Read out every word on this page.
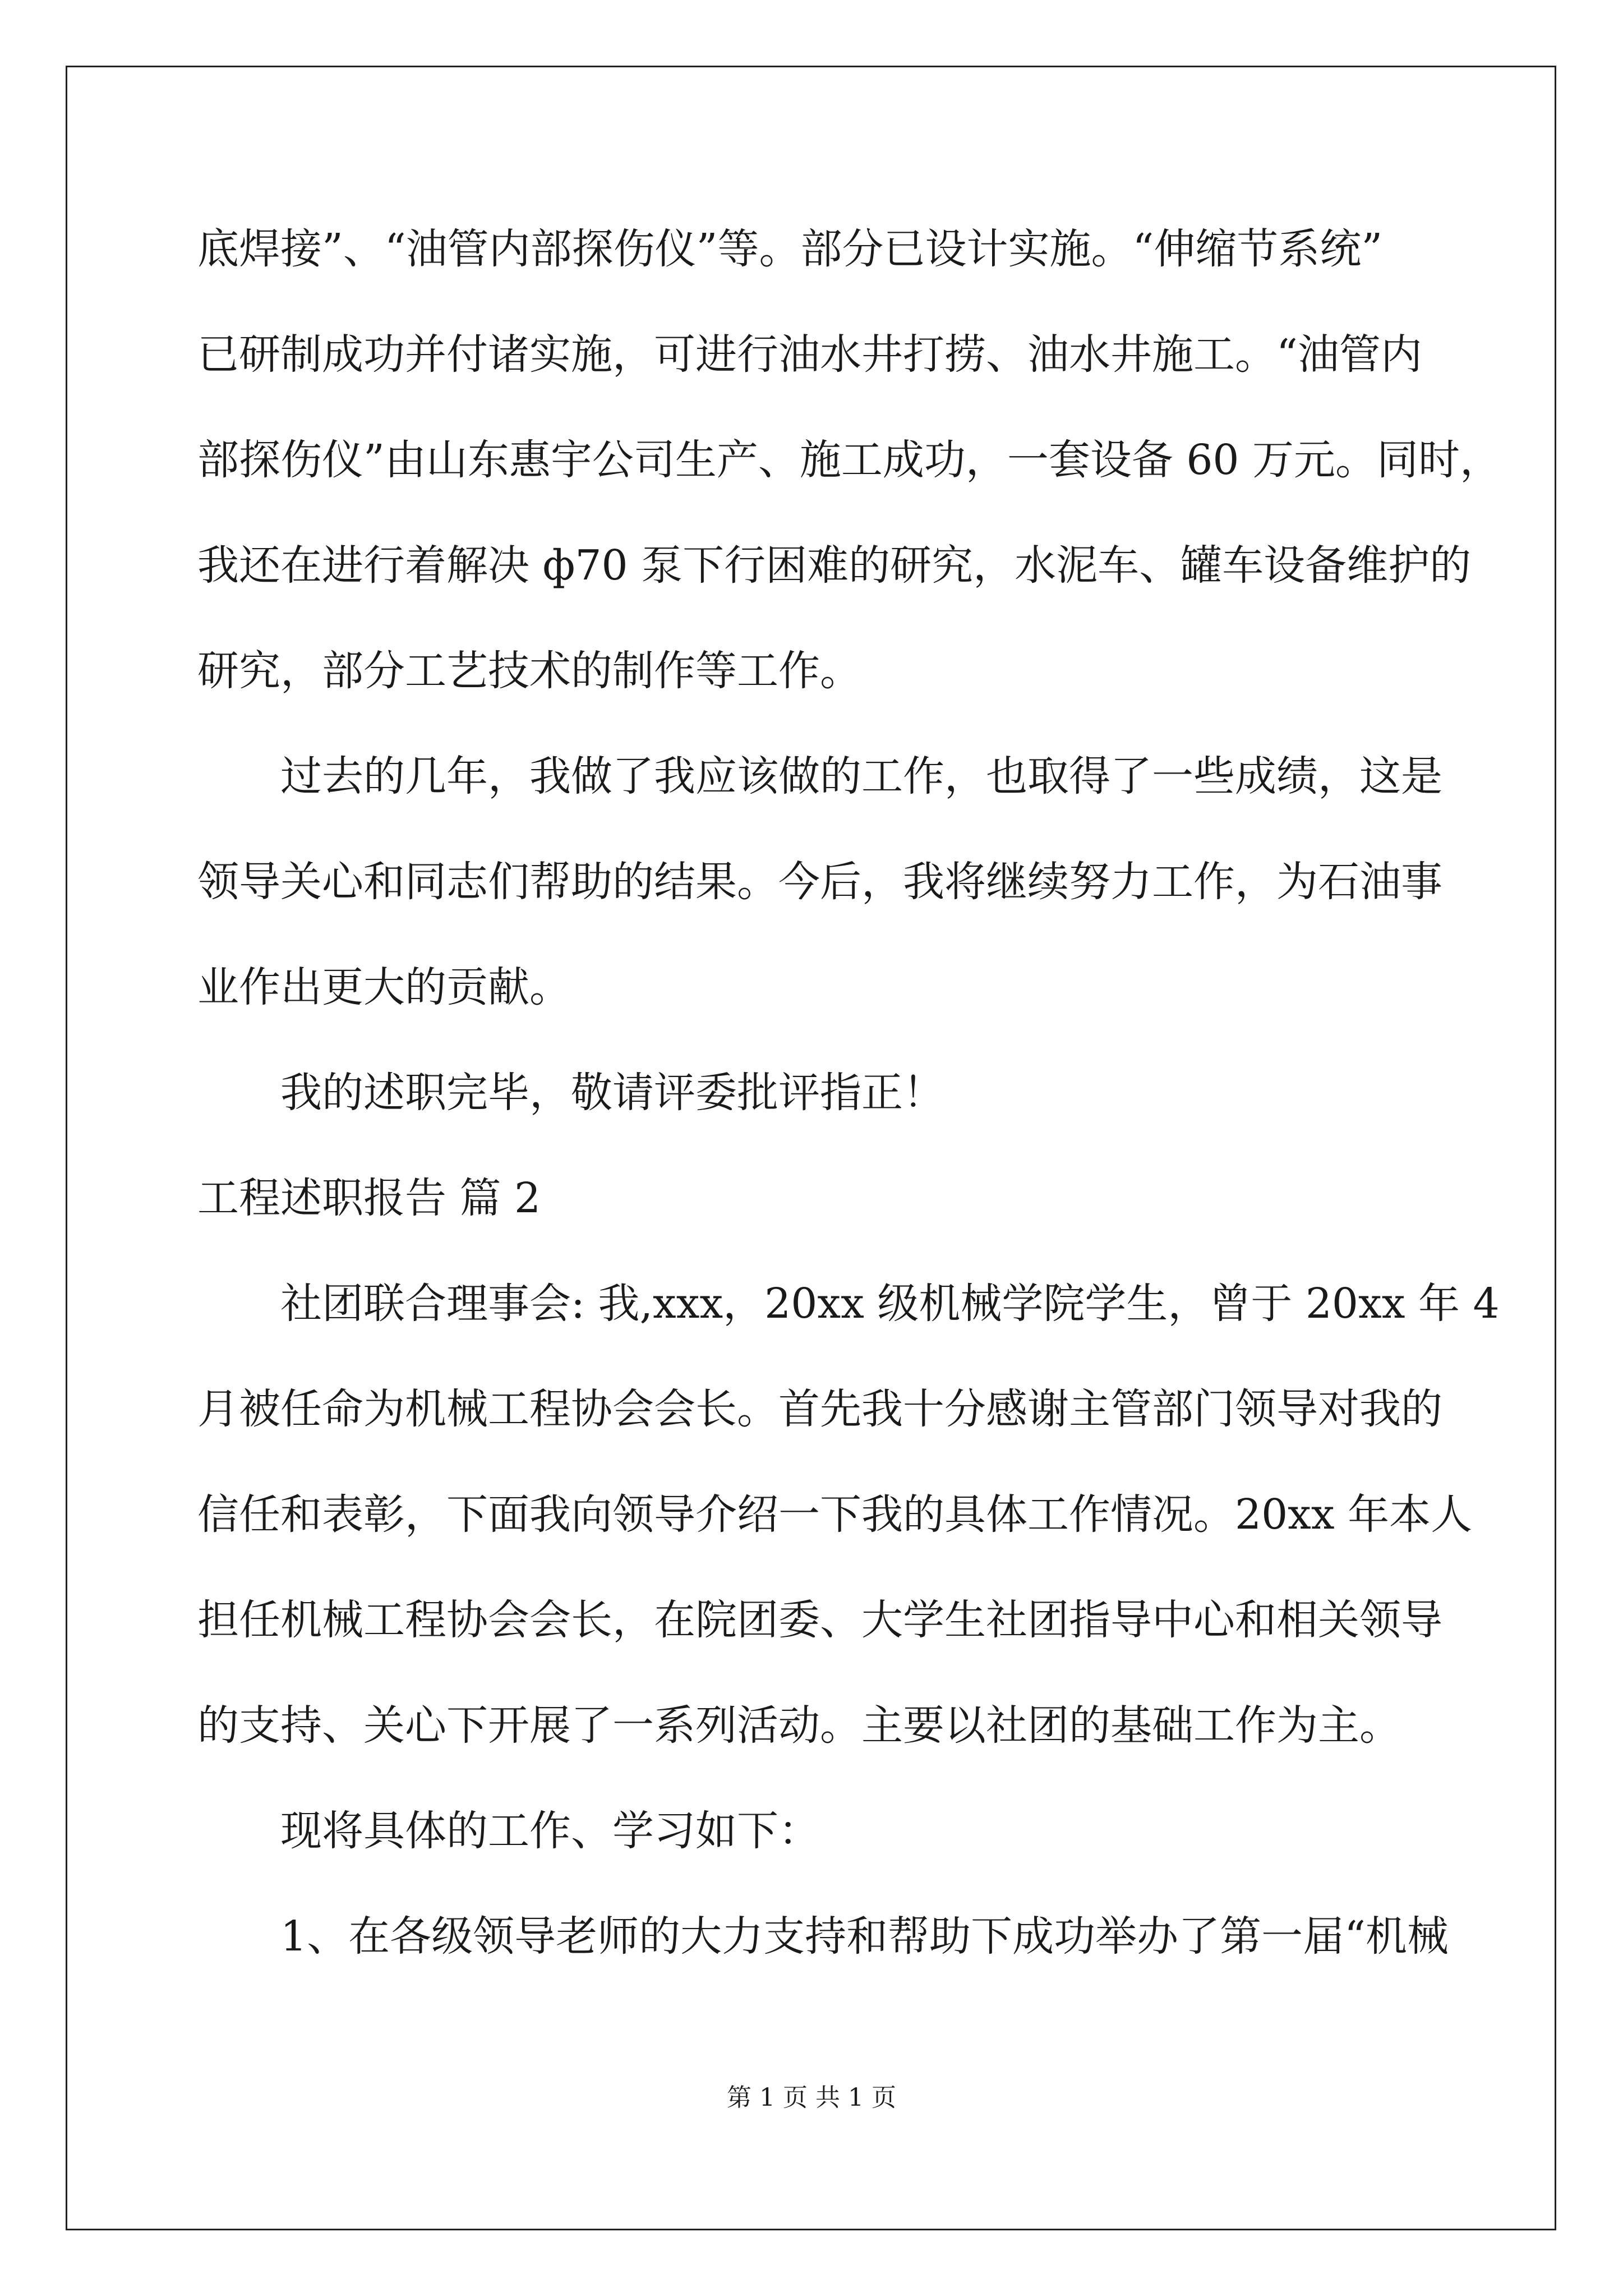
底焊接”、“油管内部探伤仪”等。部分已设计实施。“伸缩节系统”
已研制成功并付诸实施，可进行油水井打捞、油水井施工。“油管内
部探伤仪”由山东惠宇公司生产、施工成功，一套设备 60 万元。同时，
我还在进行着解决 ф70 泵下行困难的研究，水泥车、罐车设备维护的
研究，部分工艺技术的制作等工作。
过去的几年，我做了我应该做的工作，也取得了一些成绩，这是
领导关心和同志们帮助的结果。今后，我将继续努力工作，为石油事
业作出更大的贡献。
我的述职完毕，敬请评委批评指正！
工程述职报告 篇 2
社团联合理事会: 我,xxx，20xx 级机械学院学生，曾于 20xx 年 4
月被任命为机械工程协会会长。首先我十分感谢主管部门领导对我的
信任和表彰，下面我向领导介绍一下我的具体工作情况。20xx 年本人
担任机械工程协会会长，在院团委、大学生社团指导中心和相关领导
的支持、关心下开展了一系列活动。主要以社团的基础工作为主。
现将具体的工作、学习如下：
1、在各级领导老师的大力支持和帮助下成功举办了第一届“机械
第 1 页 共 1 页
